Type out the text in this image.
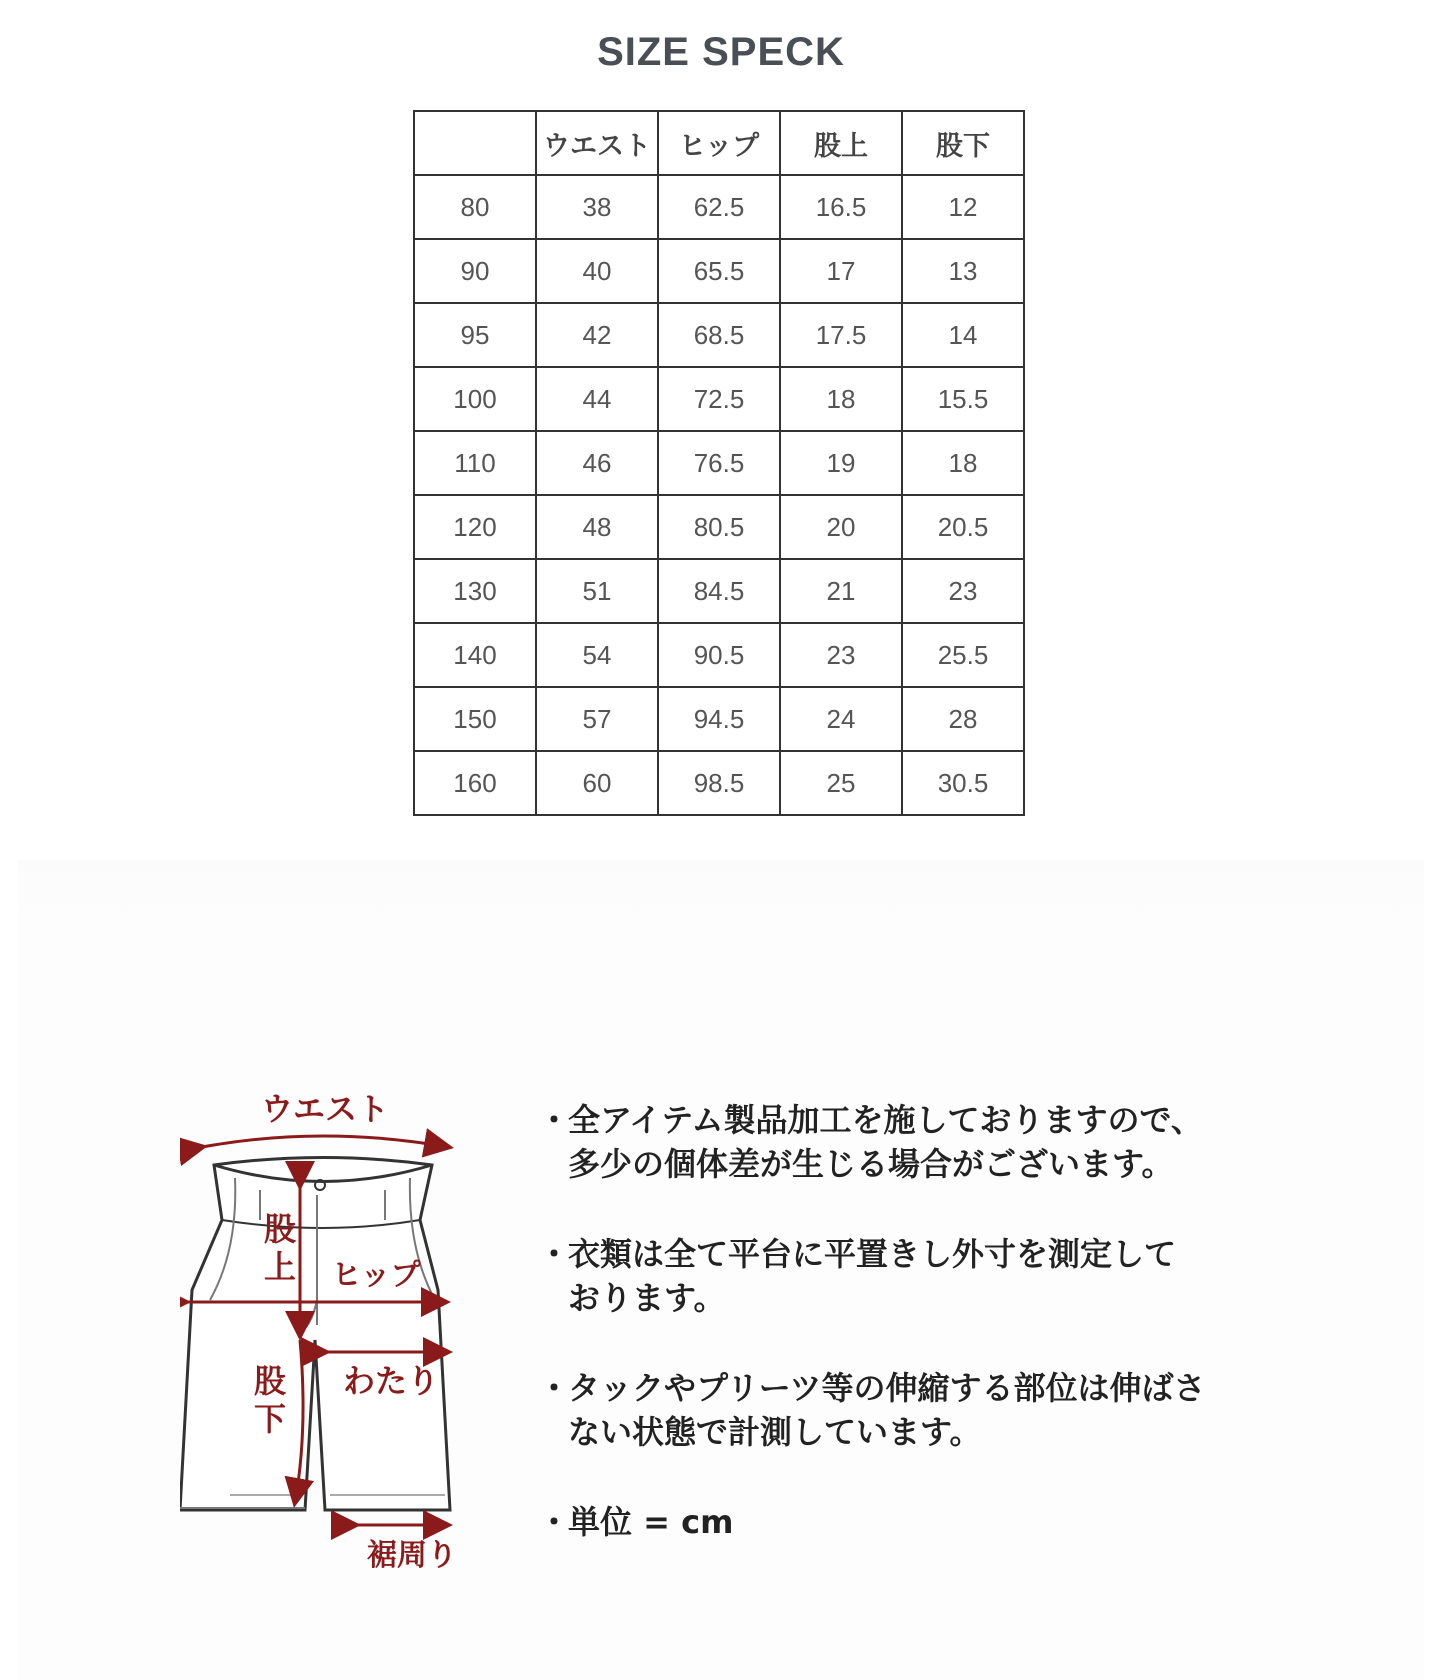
SIZE SPECK
	ウエスト	ヒップ	股上	股下
80	38	62.5	16.5	12
90	40	65.5	17	13
95	42	68.5	17.5	14
100	44	72.5	18	15.5
110	46	76.5	19	18
120	48	80.5	20	20.5
130	51	84.5	21	23
140	54	90.5	23	25.5
150	57	94.5	24	28
160	60	98.5	25	30.5
ウエスト
股
上 ヒップ
わたり
股
下
裾周り
・
全アイテム製品加工を施しておりますので、
多少の個体差が生じる場合がございます。
・
衣類は全て平台に平置きし外寸を測定して
おります。
・
タックやプリーツ等の伸縮する部位は伸ばさ
ない状態で計測しています。
・
単位 = cm
